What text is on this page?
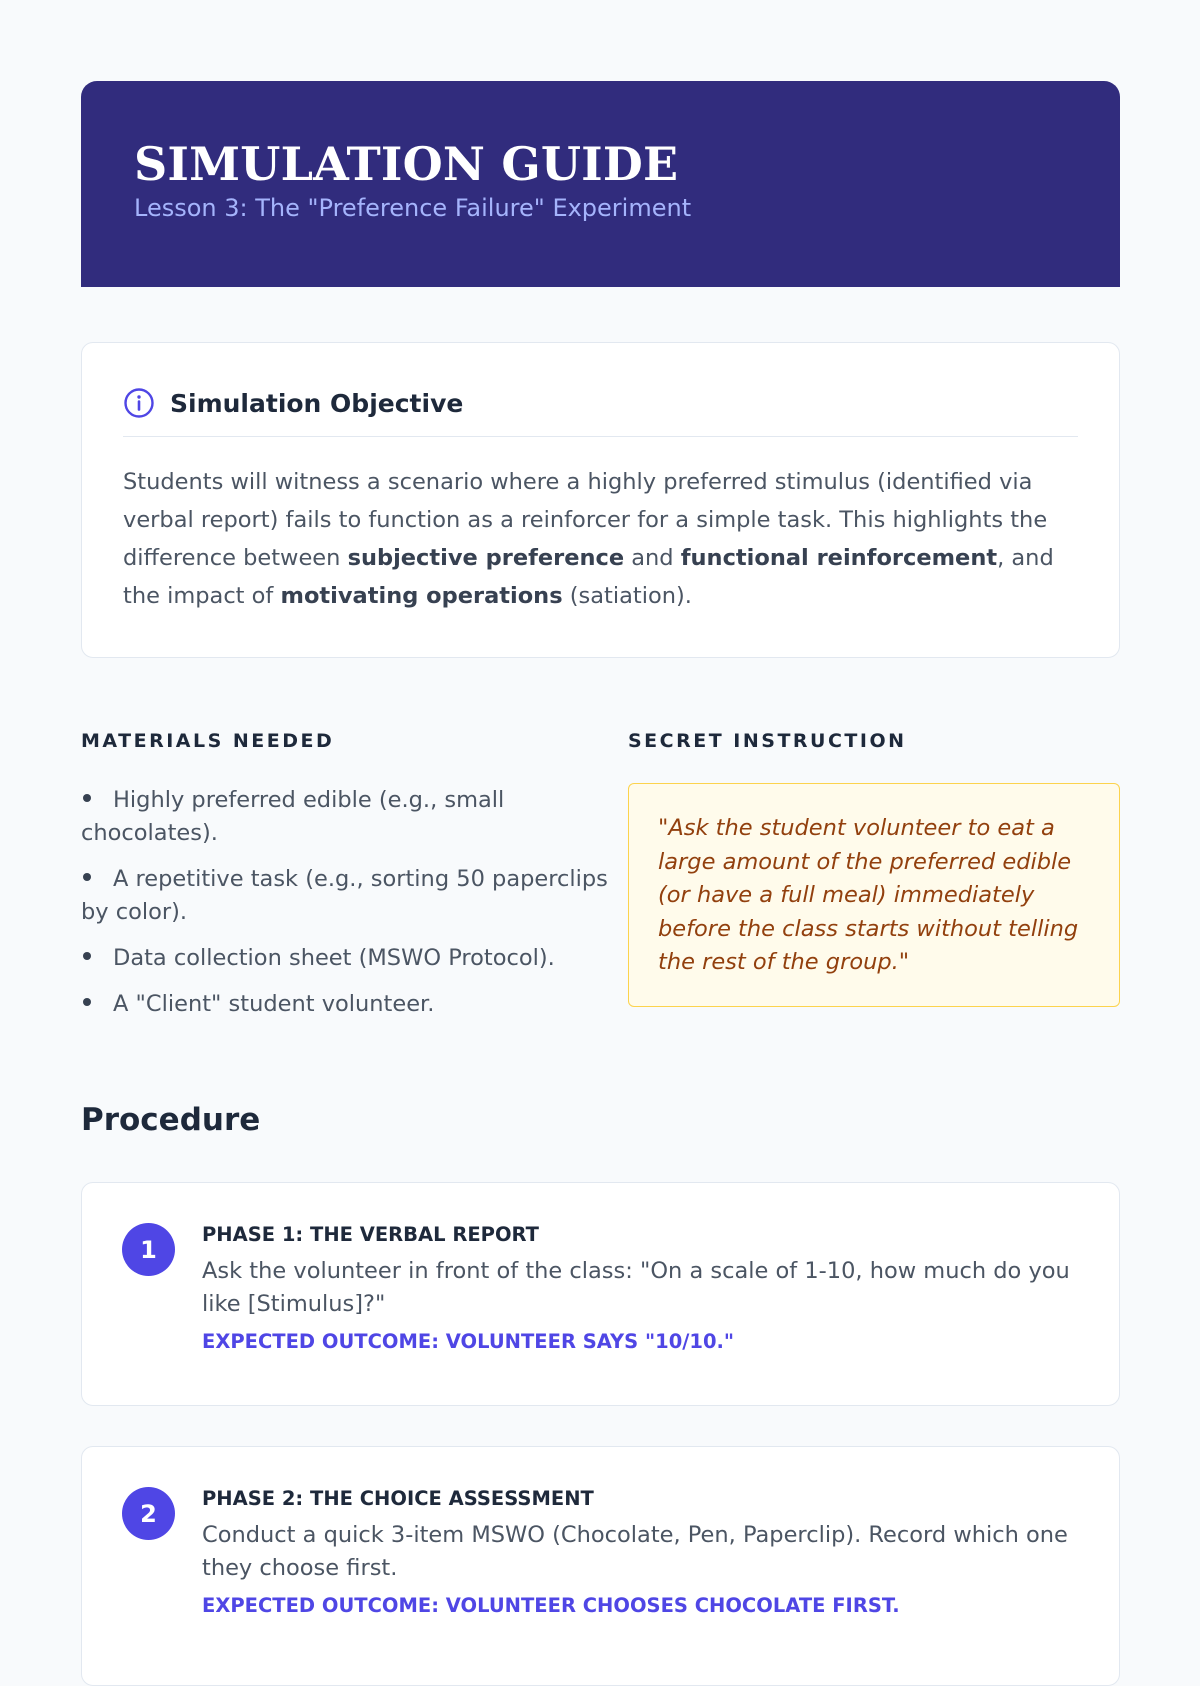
SIMULATION GUIDE
Lesson 3: The "Preference Failure" Experiment
Simulation Objective

Students will witness a scenario where a highly preferred stimulus (identified via verbal report) fails to function as a reinforcer for a simple task. This highlights the difference between subjective preference and functional reinforcement, and the impact of motivating operations (satiation).

MATERIALS NEEDED
Highly preferred edible (e.g., small chocolates).
A repetitive task (e.g., sorting 50 paperclips by color).
Data collection sheet (MSWO Protocol).
A "Client" student volunteer.
SECRET INSTRUCTION
"Ask the student volunteer to eat a large amount of the preferred edible (or have a full meal) immediately before the class starts without telling the rest of the group."
Procedure
1
PHASE 1: THE VERBAL REPORT
Ask the volunteer in front of the class: "On a scale of 1-10, how much do you like [Stimulus]?"
EXPECTED OUTCOME: VOLUNTEER SAYS "10/10."
2
PHASE 2: THE CHOICE ASSESSMENT
Conduct a quick 3-item MSWO (Chocolate, Pen, Paperclip). Record which one they choose first.
EXPECTED OUTCOME: VOLUNTEER CHOOSES CHOCOLATE FIRST.
